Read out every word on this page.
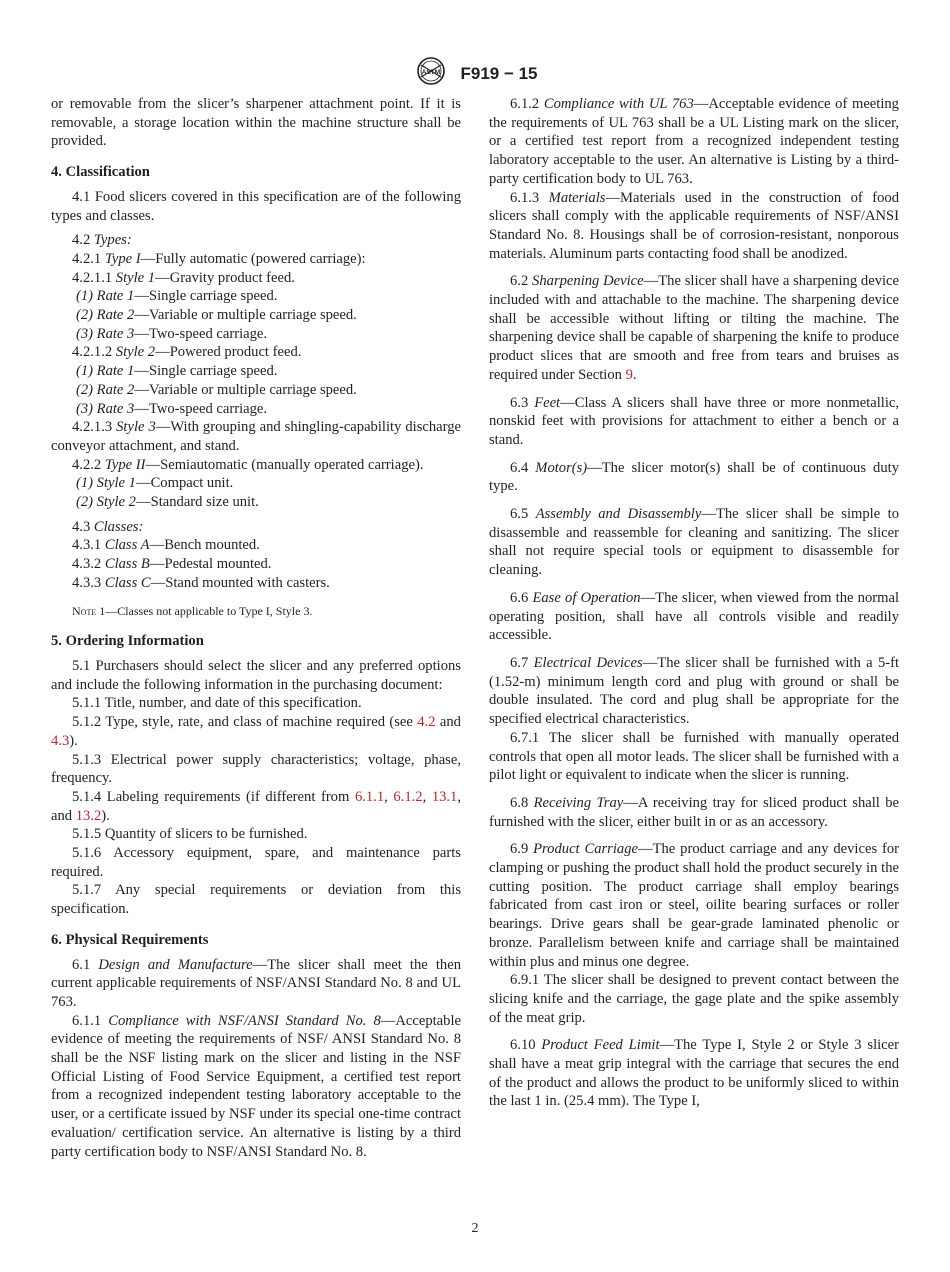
ASTM F919 − 15

or removable from the slicer’s sharpener attachment point. If it is removable, a storage location within the machine structure shall be provided.

4. Classification

4.1 Food slicers covered in this specification are of the following types and classes.

4.2 Types:

4.2.1 Type I—Fully automatic (powered carriage):

4.2.1.1 Style 1—Gravity product feed.

(1) Rate 1—Single carriage speed.

(2) Rate 2—Variable or multiple carriage speed.

(3) Rate 3—Two-speed carriage.

4.2.1.2 Style 2—Powered product feed.

(1) Rate 1—Single carriage speed.

(2) Rate 2—Variable or multiple carriage speed.

(3) Rate 3—Two-speed carriage.

4.2.1.3 Style 3—With grouping and shingling-capability discharge conveyor attachment, and stand.

4.2.2 Type II—Semiautomatic (manually operated carriage).

(1) Style 1—Compact unit.

(2) Style 2—Standard size unit.

4.3 Classes:

4.3.1 Class A—Bench mounted.

4.3.2 Class B—Pedestal mounted.

4.3.3 Class C—Stand mounted with casters.

Note 1—Classes not applicable to Type I, Style 3.

5. Ordering Information

5.1 Purchasers should select the slicer and any preferred options and include the following information in the purchasing document:

5.1.1 Title, number, and date of this specification.

5.1.2 Type, style, rate, and class of machine required (see 4.2 and 4.3).

5.1.3 Electrical power supply characteristics; voltage, phase, frequency.

5.1.4 Labeling requirements (if different from 6.1.1, 6.1.2, 13.1, and 13.2).

5.1.5 Quantity of slicers to be furnished.

5.1.6 Accessory equipment, spare, and maintenance parts required.

5.1.7 Any special requirements or deviation from this specification.

6. Physical Requirements

6.1 Design and Manufacture—The slicer shall meet the then current applicable requirements of NSF/ANSI Standard No. 8 and UL 763.

6.1.1 Compliance with NSF/ANSI Standard No. 8—Acceptable evidence of meeting the requirements of NSF/ ANSI Standard No. 8 shall be the NSF listing mark on the slicer and listing in the NSF Official Listing of Food Service Equipment, a certified test report from a recognized independent testing laboratory acceptable to the user, or a certificate issued by NSF under its special one-time contract evaluation/ certification service. An alternative is listing by a third party certification body to NSF/ANSI Standard No. 8.

6.1.2 Compliance with UL 763—Acceptable evidence of meeting the requirements of UL 763 shall be a UL Listing mark on the slicer, or a certified test report from a recognized independent testing laboratory acceptable to the user. An alternative is Listing by a third-party certification body to UL 763.

6.1.3 Materials—Materials used in the construction of food slicers shall comply with the applicable requirements of NSF/ANSI Standard No. 8. Housings shall be of corrosion-resistant, nonporous materials. Aluminum parts contacting food shall be anodized.

6.2 Sharpening Device—The slicer shall have a sharpening device included with and attachable to the machine. The sharpening device shall be accessible without lifting or tilting the machine. The sharpening device shall be capable of sharpening the knife to produce product slices that are smooth and free from tears and bruises as required under Section 9.

6.3 Feet—Class A slicers shall have three or more nonmetallic, nonskid feet with provisions for attachment to either a bench or a stand.

6.4 Motor(s)—The slicer motor(s) shall be of continuous duty type.

6.5 Assembly and Disassembly—The slicer shall be simple to disassemble and reassemble for cleaning and sanitizing. The slicer shall not require special tools or equipment to disassemble for cleaning.

6.6 Ease of Operation—The slicer, when viewed from the normal operating position, shall have all controls visible and readily accessible.

6.7 Electrical Devices—The slicer shall be furnished with a 5-ft (1.52-m) minimum length cord and plug with ground or shall be double insulated. The cord and plug shall be appropriate for the specified electrical characteristics.

6.7.1 The slicer shall be furnished with manually operated controls that open all motor leads. The slicer shall be furnished with a pilot light or equivalent to indicate when the slicer is running.

6.8 Receiving Tray—A receiving tray for sliced product shall be furnished with the slicer, either built in or as an accessory.

6.9 Product Carriage—The product carriage and any devices for clamping or pushing the product shall hold the product securely in the cutting position. The product carriage shall employ bearings fabricated from cast iron or steel, oilite bearing surfaces or roller bearings. Drive gears shall be gear-grade laminated phenolic or bronze. Parallelism between knife and carriage shall be maintained within plus and minus one degree.

6.9.1 The slicer shall be designed to prevent contact between the slicing knife and the carriage, the gage plate and the spike assembly of the meat grip.

6.10 Product Feed Limit—The Type I, Style 2 or Style 3 slicer shall have a meat grip integral with the carriage that secures the end of the product and allows the product to be uniformly sliced to within the last 1 in. (25.4 mm). The Type I,

2
